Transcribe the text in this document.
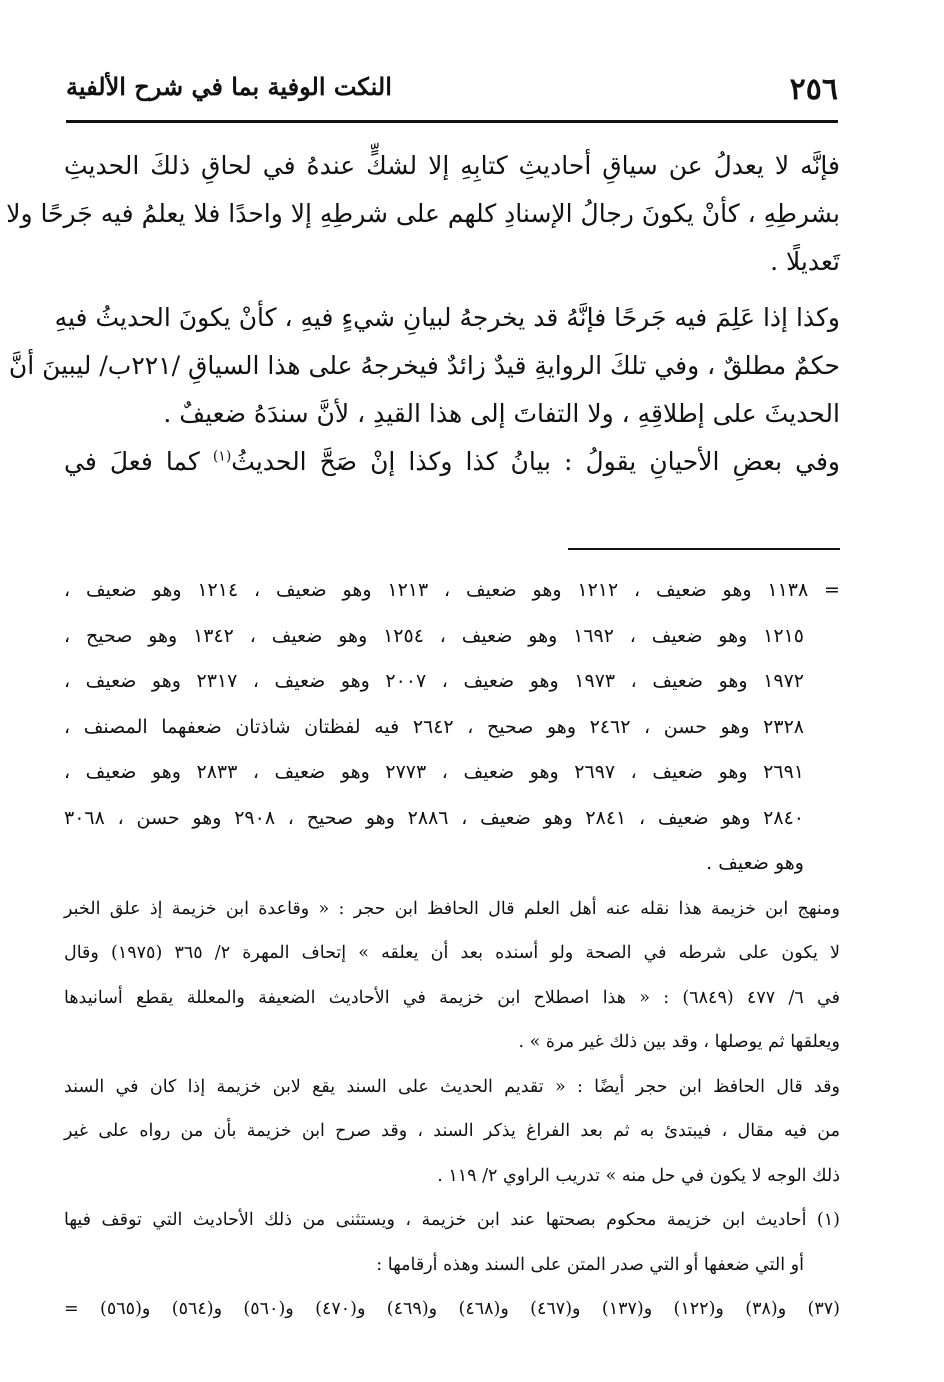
٢٥٦
النكت الوفية بما في شرح الألفية
فإنَّه لا يعدلُ عن سياقِ أحاديثِ كتابِهِ إلا لشكٍّ عندهُ في لحاقِ ذلكَ الحديثِ
بشرطِهِ ، كأنْ يكونَ رجالُ الإسنادِ كلهم على شرطِهِ إلا واحدًا فلا يعلمُ فيه جَرحًا ولا
تَعديلًا .
وكذا إذا عَلِمَ فيه جَرحًا فإنَّهُ قد يخرجهُ لبيانِ شيءٍ فيهِ ، كأنْ يكونَ الحديثُ فيهِ
حكمٌ مطلقٌ ، وفي تلكَ الروايةِ قيدٌ زائدٌ فيخرجهُ على هذا السياقِ /٢٢١ب/ ليبينَ أنَّ
الحديثَ على إطلاقِهِ ، ولا التفاتَ إلى هذا القيدِ ، لأنَّ سندَهُ ضعيفٌ .
وفي بعضِ الأحيانِ يقولُ : بيانُ كذا وكذا إنْ صَحَّ الحديثُ$^{(١)}$ كما فعلَ في
= ١١٣٨ وهو ضعيف ، ١٢١٢ وهو ضعيف ، ١٢١٣ وهو ضعيف ، ١٢١٤ وهو ضعيف ،
١٢١٥ وهو ضعيف ، ١٦٩٢ وهو ضعيف ، ١٢٥٤ وهو ضعيف ، ١٣٤٢ وهو صحيح ،
١٩٧٢ وهو ضعيف ، ١٩٧٣ وهو ضعيف ، ٢٠٠٧ وهو ضعيف ، ٢٣١٧ وهو ضعيف ،
٢٣٢٨ وهو حسن ، ٢٤٦٢ وهو صحيح ، ٢٦٤٢ فيه لفظتان شاذتان ضعفهما المصنف ،
٢٦٩١ وهو ضعيف ، ٢٦٩٧ وهو ضعيف ، ٢٧٧٣ وهو ضعيف ، ٢٨٣٣ وهو ضعيف ،
٢٨٤٠ وهو ضعيف ، ٢٨٤١ وهو ضعيف ، ٢٨٨٦ وهو صحيح ، ٢٩٠٨ وهو حسن ، ٣٠٦٨
وهو ضعيف .
ومنهج ابن خزيمة هذا نقله عنه أهل العلم قال الحافظ ابن حجر : « وقاعدة ابن خزيمة إذ علق الخبر
لا يكون على شرطه في الصحة ولو أسنده بعد أن يعلقه » إتحاف المهرة ٢/ ٣٦٥ (١٩٧٥) وقال
في ٦/ ٤٧٧ (٦٨٤٩) : « هذا اصطلاح ابن خزيمة في الأحاديث الضعيفة والمعللة يقطع أسانيدها
ويعلقها ثم يوصلها ، وقد بين ذلك غير مرة » .
وقد قال الحافظ ابن حجر أيضًا : « تقديم الحديث على السند يقع لابن خزيمة إذا كان في السند
من فيه مقال ، فيبتدئ به ثم بعد الفراغ يذكر السند ، وقد صرح ابن خزيمة بأن من رواه على غير
ذلك الوجه لا يكون في حل منه » تدريب الراوي ٢/ ١١٩ .
(١) أحاديث ابن خزيمة محكوم بصحتها عند ابن خزيمة ، ويستثنى من ذلك الأحاديث التي توقف فيها
أو التي ضعفها أو التي صدر المتن على السند وهذه أرقامها :
(٣٧) و(٣٨) و(١٢٢) و(١٣٧) و(٤٦٧) و(٤٦٨) و(٤٦٩) و(٤٧٠) و(٥٦٠) و(٥٦٤) و(٥٦٥) =
